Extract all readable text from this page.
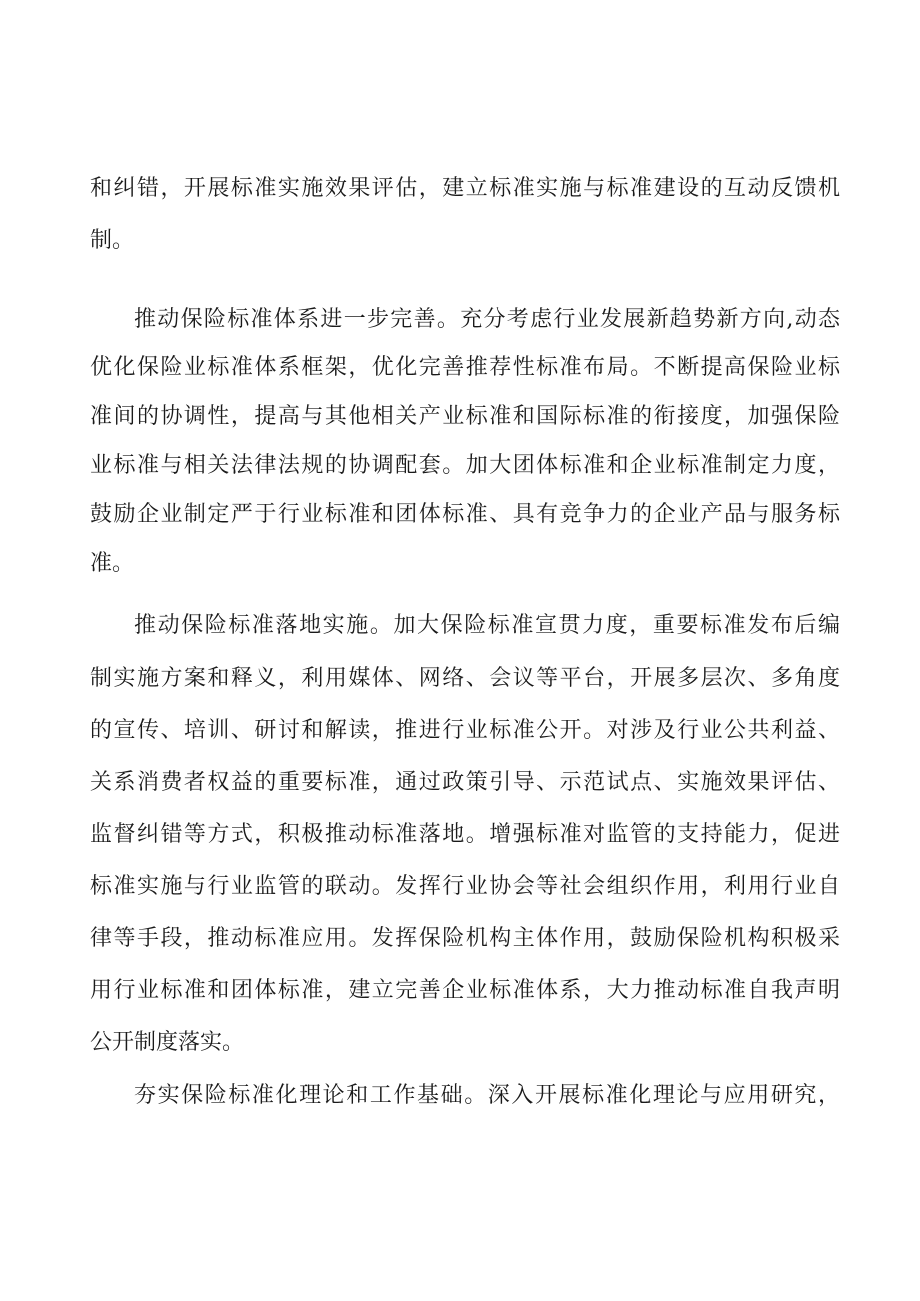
和纠错，开展标准实施效果评估，建立标准实施与标准建设的互动反馈机
制。
推动保险标准体系进一步完善。充分考虑行业发展新趋势新方向,动态
优化保险业标准体系框架，优化完善推荐性标准布局。不断提高保险业标
准间的协调性，提高与其他相关产业标准和国际标准的衔接度，加强保险
业标准与相关法律法规的协调配套。加大团体标准和企业标准制定力度，
鼓励企业制定严于行业标准和团体标准、具有竞争力的企业产品与服务标
准。
推动保险标准落地实施。加大保险标准宣贯力度，重要标准发布后编
制实施方案和释义，利用媒体、网络、会议等平台，开展多层次、多角度
的宣传、培训、研讨和解读，推进行业标准公开。对涉及行业公共利益、
关系消费者权益的重要标准，通过政策引导、示范试点、实施效果评估、
监督纠错等方式，积极推动标准落地。增强标准对监管的支持能力，促进
标准实施与行业监管的联动。发挥行业协会等社会组织作用，利用行业自
律等手段，推动标准应用。发挥保险机构主体作用，鼓励保险机构积极采
用行业标准和团体标准，建立完善企业标准体系，大力推动标准自我声明
公开制度落实。
夯实保险标准化理论和工作基础。深入开展标准化理论与应用研究，
